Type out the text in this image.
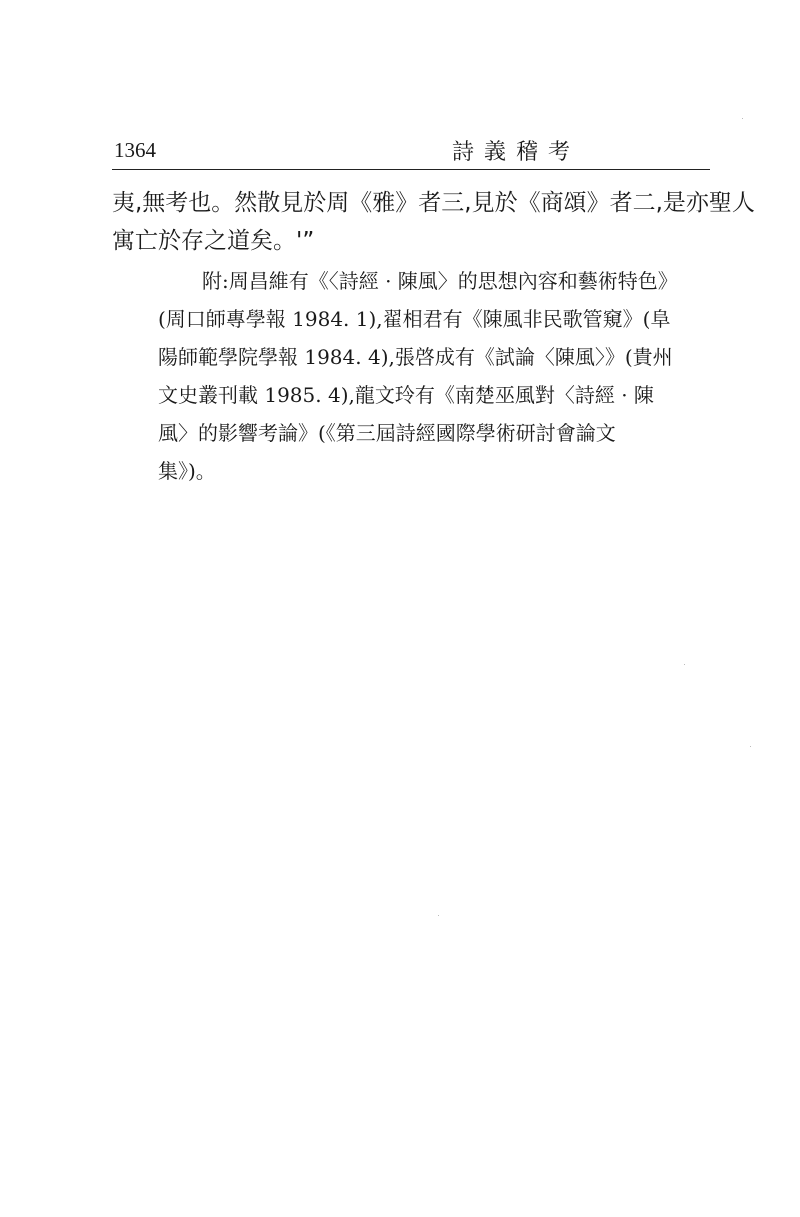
1364	詩義稽考

夷,無考也。然散見於周《雅》者三,見於《商頌》者二,是亦聖人

寓亡於存之道矣。'”

附:周昌維有《〈詩經 · 陳風〉的思想內容和藝術特色》

(周口師專學報 1984. 1),翟相君有《陳風非民歌管窺》(阜

陽師範學院學報 1984. 4),張啓成有《試論〈陳風〉》(貴州

文史叢刊載 1985. 4),龍文玲有《南楚巫風對〈詩經 · 陳

風〉的影響考論》(《第三屆詩經國際學術研討會論文

集》)。
